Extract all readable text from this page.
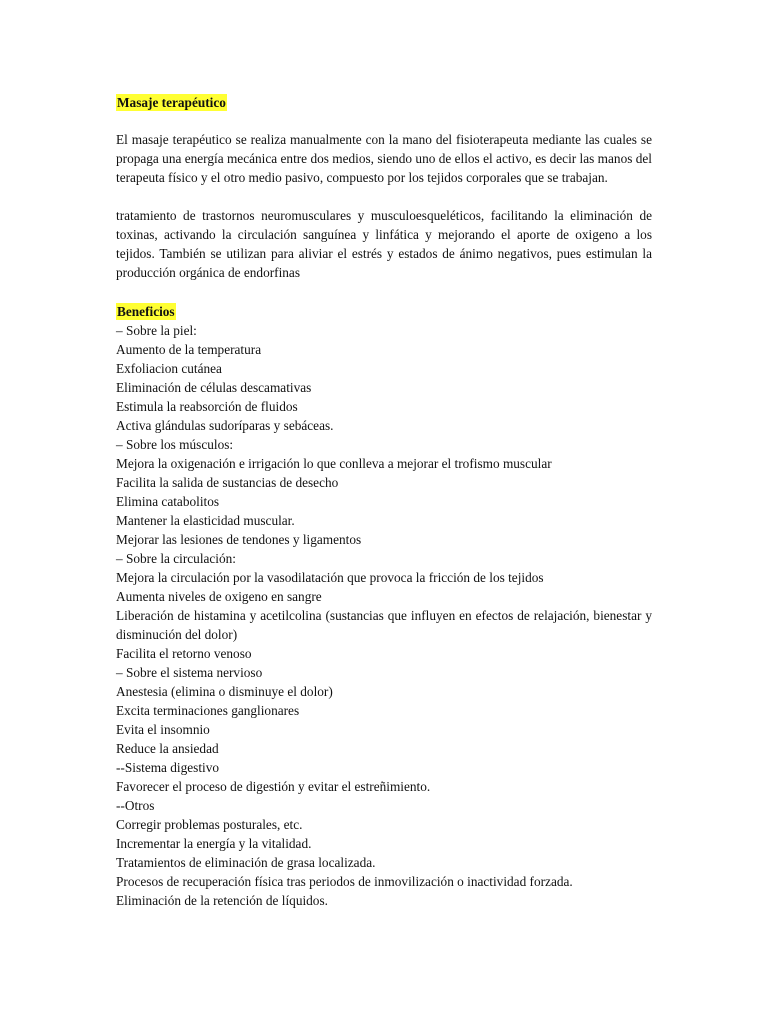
Masaje terapéutico

El masaje terapéutico se realiza manualmente con la mano del fisioterapeuta mediante las cuales se propaga una energía mecánica entre dos medios, siendo uno de ellos el activo, es decir las manos del terapeuta físico y el otro medio pasivo, compuesto por los tejidos corporales que se trabajan.

tratamiento de trastornos neuromusculares y musculoesqueléticos, facilitando la eliminación de toxinas, activando la circulación sanguínea y linfática y mejorando el aporte de oxigeno a los tejidos. También se utilizan para aliviar el estrés y estados de ánimo negativos, pues estimulan la producción orgánica de endorfinas

Beneficios
– Sobre la piel:
Aumento de la temperatura
Exfoliacion cutánea
Eliminación de células descamativas
Estimula la reabsorción de fluidos
Activa glándulas sudoríparas y sebáceas.
– Sobre los músculos:
Mejora la oxigenación e irrigación lo que conlleva a mejorar el trofismo muscular
Facilita la salida de sustancias de desecho
Elimina catabolitos
Mantener la elasticidad muscular.
Mejorar las lesiones de tendones y ligamentos
– Sobre la circulación:
Mejora la circulación por la vasodilatación que provoca la fricción de los tejidos
Aumenta niveles de oxigeno en sangre
Liberación de histamina y acetilcolina (sustancias que influyen en efectos de relajación, bienestar y disminución del dolor)
Facilita el retorno venoso
– Sobre el sistema nervioso
Anestesia (elimina o disminuye el dolor)
Excita terminaciones ganglionares
Evita el insomnio
Reduce la ansiedad
--Sistema digestivo
Favorecer el proceso de digestión y evitar el estreñimiento.
--Otros
Corregir problemas posturales, etc.
Incrementar la energía y la vitalidad.
Tratamientos de eliminación de grasa localizada.
Procesos de recuperación física tras periodos de inmovilización o inactividad forzada.
Eliminación de la retención de líquidos.
